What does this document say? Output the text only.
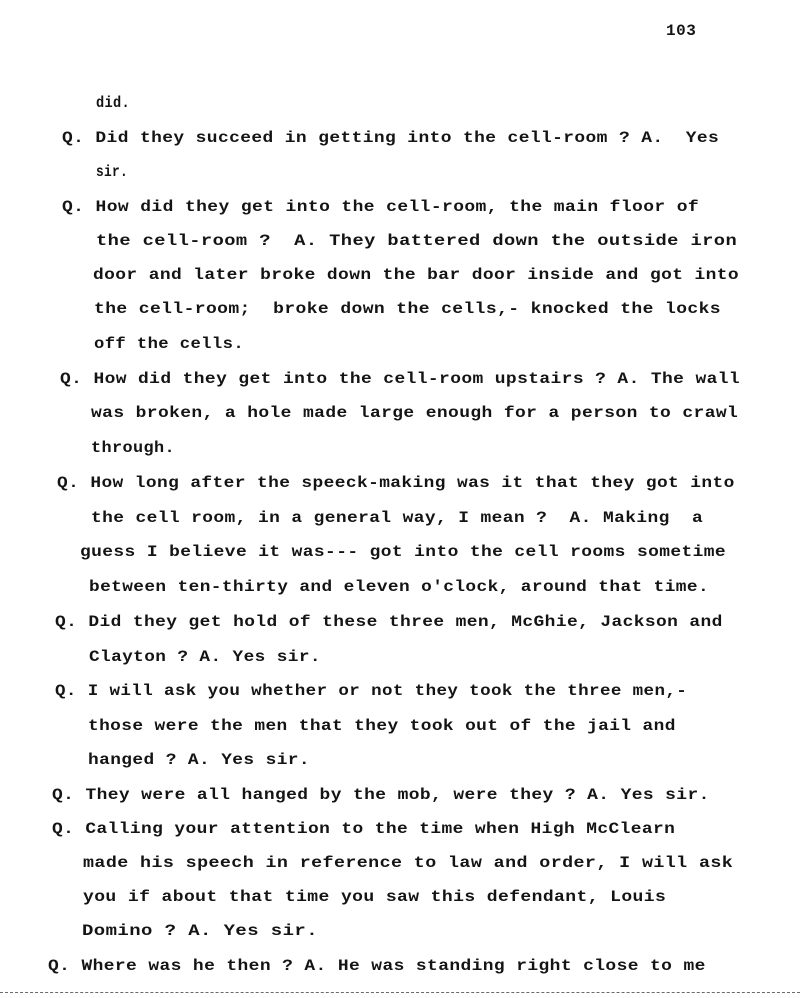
103
did.
Q. Did they succeed in getting into the cell-room ? A.  Yes
sir.
Q. How did they get into the cell-room, the main floor of
the cell-room ?  A. They battered down the outside iron
door and later broke down the bar door inside and got into
the cell-room;  broke down the cells,- knocked the locks
off the cells.
Q. How did they get into the cell-room upstairs ? A. The wall
was broken, a hole made large enough for a person to crawl
through.
Q. How long after the speeck-making was it that they got into
the cell room, in a general way, I mean ?  A. Making  a
guess I believe it was--- got into the cell rooms sometime
between ten-thirty and eleven o'clock, around that time.
Q. Did they get hold of these three men, McGhie, Jackson and
Clayton ? A. Yes sir.
Q. I will ask you whether or not they took the three men,-
those were the men that they took out of the jail and
hanged ? A. Yes sir.
Q. They were all hanged by the mob, were they ? A. Yes sir.
Q. Calling your attention to the time when High McClearn
made his speech in reference to law and order, I will ask
you if about that time you saw this defendant, Louis
Domino ? A. Yes sir.
Q. Where was he then ? A. He was standing right close to me
